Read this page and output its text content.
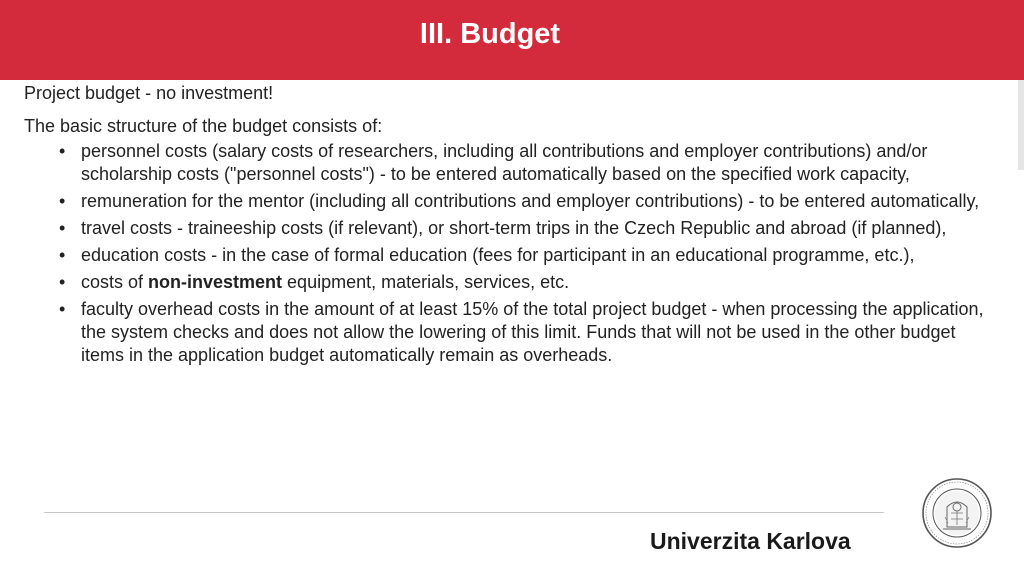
III. Budget

Project budget - no investment!

The basic structure of the budget consists of:

• personnel costs (salary costs of researchers, including all contributions and employer contributions) and/or scholarship costs ("personnel costs") - to be entered automatically based on the specified work capacity,
• remuneration for the mentor (including all contributions and employer contributions) - to be entered automatically,
• travel costs - traineeship costs (if relevant), or short-term trips in the Czech Republic and abroad (if planned),
• education costs - in the case of formal education (fees for participant in an educational programme, etc.),
• costs of non-investment equipment, materials, services, etc.
• faculty overhead costs in the amount of at least 15% of the total project budget - when processing the application, the system checks and does not allow the lowering of this limit. Funds that will not be used in the other budget items in the application budget automatically remain as overheads.
Univerzita Karlova
